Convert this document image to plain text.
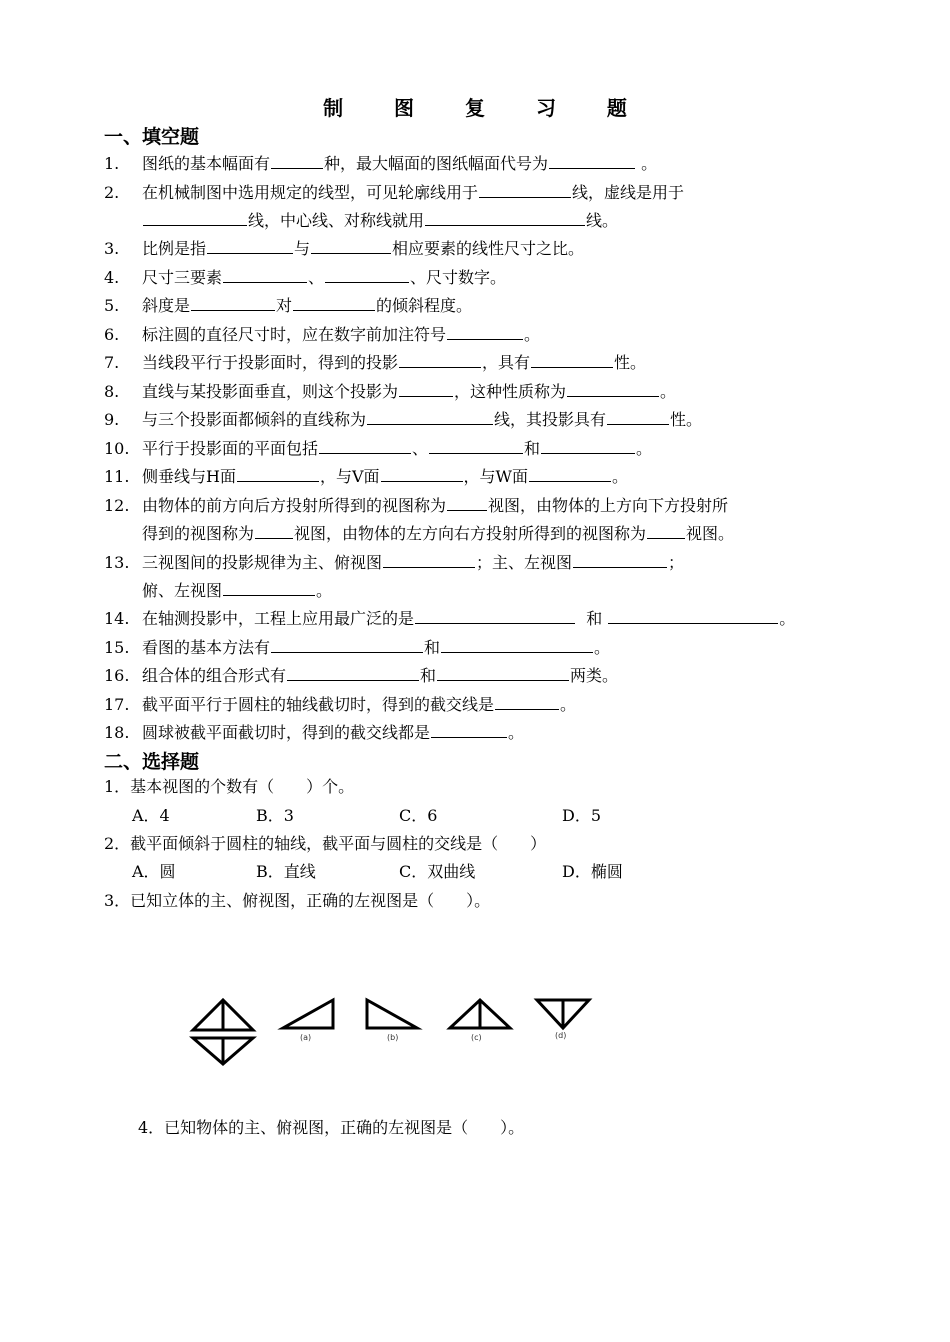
制 图 复 习 题
一、填空题
1. 图纸的基本幅面有	种，最大幅面的图纸幅面代号为	。
2. 在机械制图中选用规定的线型，可见轮廓线用于	线，虚线是用于
线，中心线、对称线就用	线。
3. 比例是指	与	相应要素的线性尺寸之比。
4. 尺寸三要素	、	、尺寸数字。
5. 斜度是	对	的倾斜程度。
6. 标注圆的直径尺寸时，应在数字前加注符号	。
7. 当线段平行于投影面时，得到的投影	，具有	性。
8. 直线与某投影面垂直，则这个投影为	，这种性质称为	。
9. 与三个投影面都倾斜的直线称为	线，其投影具有	性。
10. 平行于投影面的平面包括	、	和	。
11. 侧垂线与H面	，与V面	，与W面	。
12. 由物体的前方向后方投射所得到的视图称为	视图，由物体的上方向下方投射所
得到的视图称为	视图，由物体的左方向右方投射所得到的视图称为	视图。
13. 三视图间的投影规律为主、俯视图	；主、左视图	；
俯、左视图	。
14. 在轴测投影中，工程上应用最广泛的是	和	。
15. 看图的基本方法有	和	。
16. 组合体的组合形式有	和	两类。
17. 截平面平行于圆柱的轴线截切时，得到的截交线是	。
18. 圆球被截平面截切时，得到的截交线都是	。
二、选择题
1．基本视图的个数有（　　）个。
A．4	B．3	C．6	D．5
2．截平面倾斜于圆柱的轴线，截平面与圆柱的交线是（　　）
A．圆	B．直线	C．双曲线	D．椭圆
3．已知立体的主、俯视图，正确的左视图是（　　）。
(a)	(b)	(c)	(d)
4．已知物体的主、俯视图，正确的左视图是（　　）。
